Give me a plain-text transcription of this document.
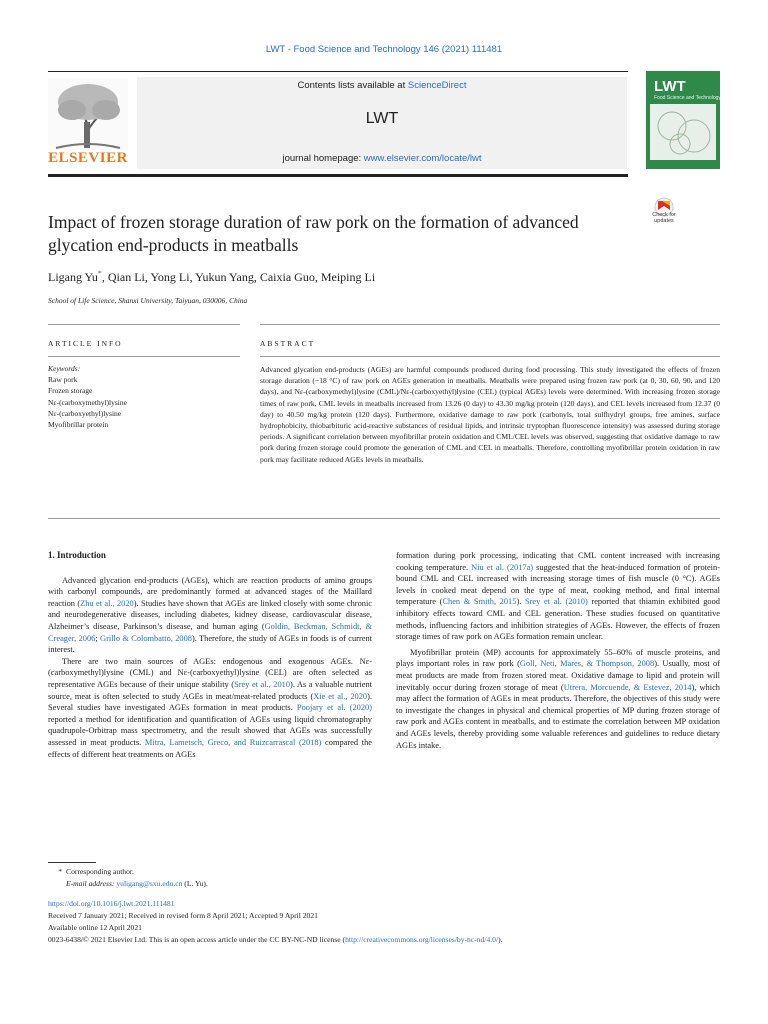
LWT - Food Science and Technology 146 (2021) 111481
ELSEVIER
Contents lists available at ScienceDirect
LWT
journal homepage: www.elsevier.com/locate/lwt
LWT
Food Science and Technology
Impact of frozen storage duration of raw pork on the formation of advanced glycation end-products in meatballs
Check for
updates
Ligang Yu*, Qian Li, Yong Li, Yukun Yang, Caixia Guo, Meiping Li
School of Life Science, Shanxi University, Taiyuan, 030006, China
ARTICLE INFO	ABSTRACT
Keywords:
Raw pork
Frozen storage
Nε-(carboxymethyl)lysine
Nε-(carboxyethyl)lysine
Myofibrillar protein
Advanced glycation end-products (AGEs) are harmful compounds produced during food processing. This study investigated the effects of frozen storage duration (−18 °C) of raw pork on AGEs generation in meatballs. Meatballs were prepared using frozen raw pork (at 0, 30, 60, 90, and 120 days), and Nε-(carboxymethyl)lysine (CML)/Nε-(carboxyethyl)lysine (CEL) (typical AGEs) levels were determined. With increasing frozen storage times of raw pork, CML levels in meatballs increased from 13.26 (0 day) to 43.30 mg/kg protein (120 days), and CEL levels increased from 12.37 (0 day) to 40.50 mg/kg protein (120 days). Furthermore, oxidative damage to raw pork (carbonyls, total sulfhydryl groups, free amines, surface hydrophobicity, thiobarbituric acid-reactive substances of residual lipids, and intrinsic tryptophan fluorescence intensity) was assessed during storage periods. A significant correlation between myofibrillar protein oxidation and CML/CEL levels was observed, suggesting that oxidative damage to raw pork during frozen storage could promote the generation of CML and CEL in meatballs. Therefore, controlling myofibrillar protein oxidation in raw pork may facilitate reduced AGEs levels in meatballs.
1. Introduction

Advanced glycation end-products (AGEs), which are reaction products of amino groups with carbonyl compounds, are predominantly formed at advanced stages of the Maillard reaction (Zhu et al., 2020). Studies have shown that AGEs are linked closely with some chronic and neurodegenerative diseases, including diabetes, kidney disease, cardiovascular disease, Alzheimer’s disease, Parkinson’s disease, and human aging (Goldin, Beckman, Schmidt, & Creager, 2006; Grillo & Colombatto, 2008). Therefore, the study of AGEs in foods is of current interest.

There are two main sources of AGEs: endogenous and exogenous AGEs. Nε-(carboxymethyl)lysine (CML) and Nε-(carboxyethyl)lysine (CEL) are often selected as representative AGEs because of their unique stability (Srey et al., 2010). As a valuable nutrient source, meat is often selected to study AGEs in meat/meat-related products (Xie et al., 2020). Several studies have investigated AGEs formation in meat products. Poojary et al. (2020) reported a method for identification and quantification of AGEs using liquid chromatography quadrupole-Orbitrap mass spectrometry, and the result showed that AGEs was successfully assessed in meat products. Mitra, Lametsch, Greco, and Ruizcarrascal (2018) compared the effects of different heat treatments on AGEs

formation during pork processing, indicating that CML content increased with increasing cooking temperature. Niu et al. (2017a) suggested that the heat-induced formation of protein-bound CML and CEL increased with increasing storage times of fish muscle (0 °C). AGEs levels in cooked meat depend on the type of meat, cooking method, and final internal temperature (Chen & Smith, 2015). Srey et al. (2010) reported that thiamin exhibited good inhibitory effects toward CML and CEL generation. These studies focused on quantitative methods, influencing factors and inhibition strategies of AGEs. However, the effects of frozen storage times of raw pork on AGEs formation remain unclear.

Myofibrillar protein (MP) accounts for approximately 55–60% of muscle proteins, and plays important roles in raw pork (Goll, Neti, Mares, & Thompson, 2008). Usually, most of meat products are made from frozen stored meat. Oxidative damage to lipid and protein will inevitably occur during frozen storage of meat (Utrera, Morcuende, & Estevez, 2014), which may affect the formation of AGEs in meat products. Therefore, the objectives of this study were to investigate the changes in physical and chemical properties of MP during frozen storage of raw pork and AGEs content in meatballs, and to estimate the correlation between MP oxidation and AGEs levels, thereby providing some valuable references and guidelines to reduce dietary AGEs intake.

* Corresponding author.
E-mail address: yuligang@sxu.edu.cn (L. Yu).
https://doi.org/10.1016/j.lwt.2021.111481
Received 7 January 2021; Received in revised form 8 April 2021; Accepted 9 April 2021
Available online 12 April 2021
0023-6438/© 2021 Elsevier Ltd. This is an open access article under the CC BY-NC-ND license (http://creativecommons.org/licenses/by-nc-nd/4.0/).
